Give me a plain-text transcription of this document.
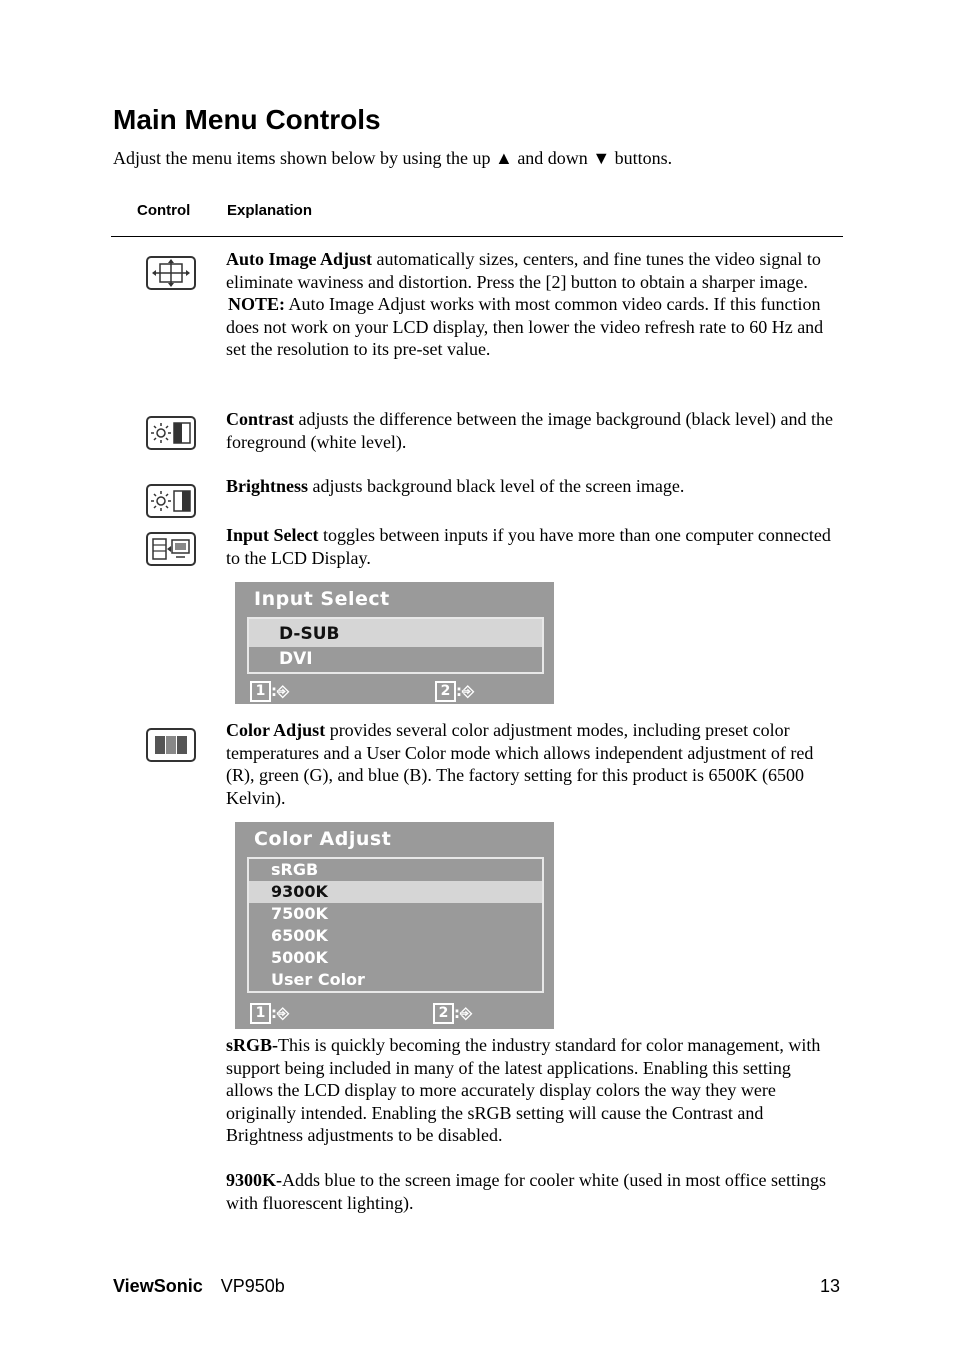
Main Menu Controls
Adjust the menu items shown below by using the up ▲ and down ▼ buttons.
Control Explanation
Auto Image Adjust automatically sizes, centers, and fine tunes the video signal to eliminate waviness and distortion. Press the [2] button to obtain a sharper image.
NOTE: Auto Image Adjust works with most common video cards. If this function does not work on your LCD display, then lower the video refresh rate to 60 Hz and set the resolution to its pre-set value.
Contrast adjusts the difference between the image background (black level) and the foreground (white level).
Brightness adjusts background black level of the screen image.
Input Select toggles between inputs if you have more than one computer connected to the LCD Display.
Input Select
D-SUB
DVI
1 :⎆	2 :⎆
Color Adjust provides several color adjustment modes, including preset color temperatures and a User Color mode which allows independent adjustment of red (R), green (G), and blue (B). The factory setting for this product is 6500K (6500 Kelvin).
Color Adjust
sRGB
9300K
7500K
6500K
5000K
User Color
1 :⎆	2 :⎆
sRGB-This is quickly becoming the industry standard for color management, with support being included in many of the latest applications. Enabling this setting allows the LCD display to more accurately display colors the way they were originally intended. Enabling the sRGB setting will cause the Contrast and Brightness adjustments to be disabled.
9300K-Adds blue to the screen image for cooler white (used in most office settings with fluorescent lighting).
ViewSonic VP950b	13
